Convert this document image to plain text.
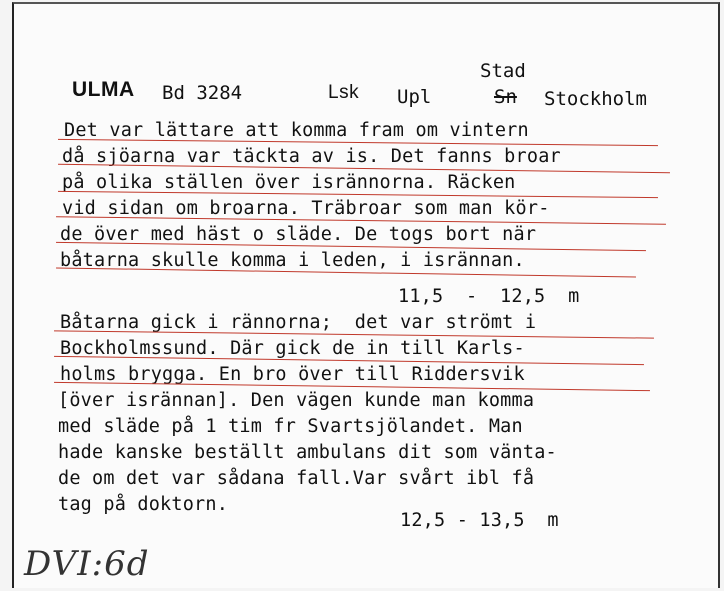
ULMA Bd 3284	Lsk Upl
Stad
Sn Stockholm
Det var lättare att komma fram om vintern
då sjöarna var täckta av is. Det fanns broar
på olika ställen över isrännorna. Räcken
vid sidan om broarna. Träbroar som man kör-
de över med häst o släde. De togs bort när
båtarna skulle komma i leden, i isrännan.
11,5  -  12,5  m
Båtarna gick i rännorna;  det var strömt i
Bockholmssund. Där gick de in till Karls-
holms brygga. En bro över till Riddersvik
[över isrännan]. Den vägen kunde man komma
med släde på 1 tim fr Svartsjölandet. Man
hade kanske beställt ambulans dit som vänta-
de om det var sådana fall.Var svårt ibl få
tag på doktorn.
12,5 - 13,5  m
DVI:6d
